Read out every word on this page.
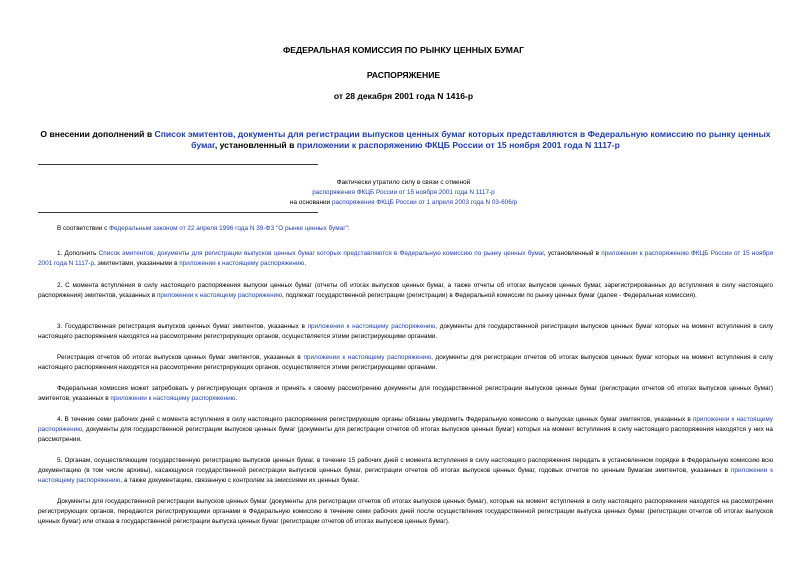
ФЕДЕРАЛЬНАЯ КОМИССИЯ ПО РЫНКУ ЦЕННЫХ БУМАГ
РАСПОРЯЖЕНИЕ
от 28 декабря 2001 года N 1416-р
О внесении дополнений в Список эмитентов, документы для регистрации выпусков ценных бумаг которых представляются в Федеральную комиссию по рынку ценных бумаг, установленный в приложении к распоряжению ФКЦБ России от 15 ноября 2001 года N 1117-р
Фактически утратило силу в связи с отменой
распоряжения ФКЦБ России от 15 ноября 2001 года N 1117-р
на основании распоряжения ФКЦБ России от 1 апреля 2003 года N 03-606/р
В соответствии с Федеральным законом от 22 апреля 1996 года N 39-ФЗ "О рынке ценных бумаг":
1. Дополнить Список эмитентов, документы для регистрации выпусков ценных бумаг которых представляются в Федеральную комиссию по рынку ценных бумаг, установленный в приложении к распоряжению ФКЦБ России от 15 ноября 2001 года N 1117-р, эмитентами, указанными в приложении к настоящему распоряжению.
2. С момента вступления в силу настоящего распоряжения выпуски ценных бумаг (отчеты об итогах выпусков ценных бумаг, а также отчеты об итогах выпусков ценных бумаг, зарегистрированных до вступления в силу настоящего распоряжения) эмитентов, указанных в приложении к настоящему распоряжению, подлежат государственной регистрации (регистрации) в Федеральной комиссии по рынку ценных бумаг (далее - Федеральная комиссия).
3. Государственная регистрация выпусков ценных бумаг эмитентов, указанных в приложении к настоящему распоряжению, документы для государственной регистрации выпусков ценных бумаг которых на момент вступления в силу настоящего распоряжения находятся на рассмотрении регистрирующих органов, осуществляется этими регистрирующими органами.
Регистрация отчетов об итогах выпусков ценных бумаг эмитентов, указанных в приложении к настоящему распоряжению, документы для регистрации отчетов об итогах выпусков ценных бумаг которых на момент вступления в силу настоящего распоряжения находятся на рассмотрении регистрирующих органов, осуществляется этими регистрирующими органами.
Федеральная комиссия может затребовать у регистрирующих органов и принять к своему рассмотрению документы для государственной регистрации выпусков ценных бумаг (регистрации отчетов об итогах выпусков ценных бумаг) эмитентов, указанных в приложении к настоящему распоряжению.
4. В течение семи рабочих дней с момента вступления в силу настоящего распоряжения регистрирующие органы обязаны уведомить Федеральную комиссию о выпусках ценных бумаг эмитентов, указанных в приложении к настоящему распоряжению, документы для государственной регистрации выпусков ценных бумаг (документы для регистрации отчетов об итогах выпусков ценных бумаг) которых на момент вступления в силу настоящего распоряжения находятся у них на рассмотрении.
5. Органам, осуществляющим государственную регистрацию выпусков ценных бумаг, в течение 15 рабочих дней с момента вступления в силу настоящего распоряжения передать в установленном порядке в Федеральную комиссию всю документацию (в том числе архивы), касающуюся государственной регистрации выпусков ценных бумаг, регистрации отчетов об итогах выпусков ценных бумаг, годовых отчетов по ценным бумагам эмитентов, указанных в приложении к настоящему распоряжению, а также документацию, связанную с контролем за эмиссиями их ценных бумаг.
Документы для государственной регистрации выпусков ценных бумаг (документы для регистрации отчетов об итогах выпусков ценных бумаг), которые на момент вступления в силу настоящего распоряжения находятся на рассмотрении регистрирующих органов, передаются регистрирующими органами в Федеральную комиссию в течение семи рабочих дней после осуществления государственной регистрации выпуска ценных бумаг (регистрации отчетов об итогах выпусков ценных бумаг) или отказа в государственной регистрации выпуска ценных бумаг (регистрации отчетов об итогах выпусков ценных бумаг).
